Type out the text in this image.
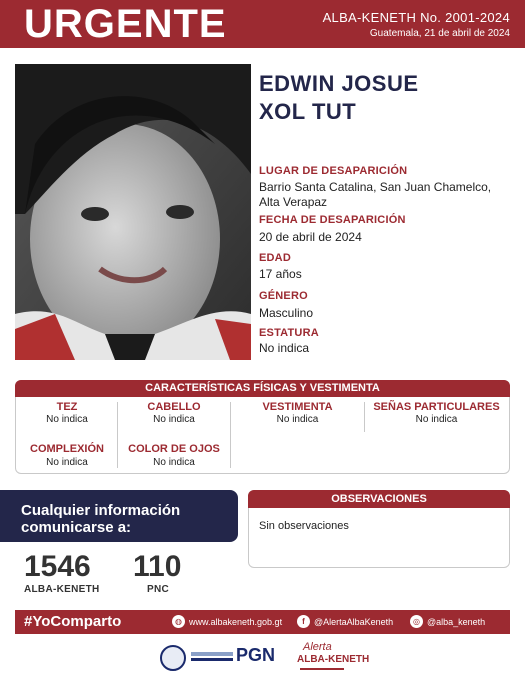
URGENTE	ALBA-KENETH No. 2001-2024
Guatemala, 21 de abril de 2024
EDWIN JOSUE
XOL TUT
LUGAR DE DESAPARICIÓN
Barrio Santa Catalina, San Juan Chamelco,
Alta Verapaz
FECHA DE DESAPARICIÓN
20 de abril de 2024
EDAD
17 años
GÉNERO
Masculino
ESTATURA
No indica
CARACTERÍSTICAS FÍSICAS Y VESTIMENTA
TEZ
No indica
CABELLO
No indica
VESTIMENTA
No indica
SEÑAS PARTICULARES
No indica
COMPLEXIÓN
No indica
COLOR DE OJOS
No indica
Cualquier información
comunicarse a:
1546
ALBA-KENETH
110
PNC
OBSERVACIONES
Sin observaciones
#YoComparto	◍ www.albakeneth.gob.gt	f	@AlertaAlbaKeneth	◎ @alba_keneth
PGN	Alerta
ALBA-KENETH
